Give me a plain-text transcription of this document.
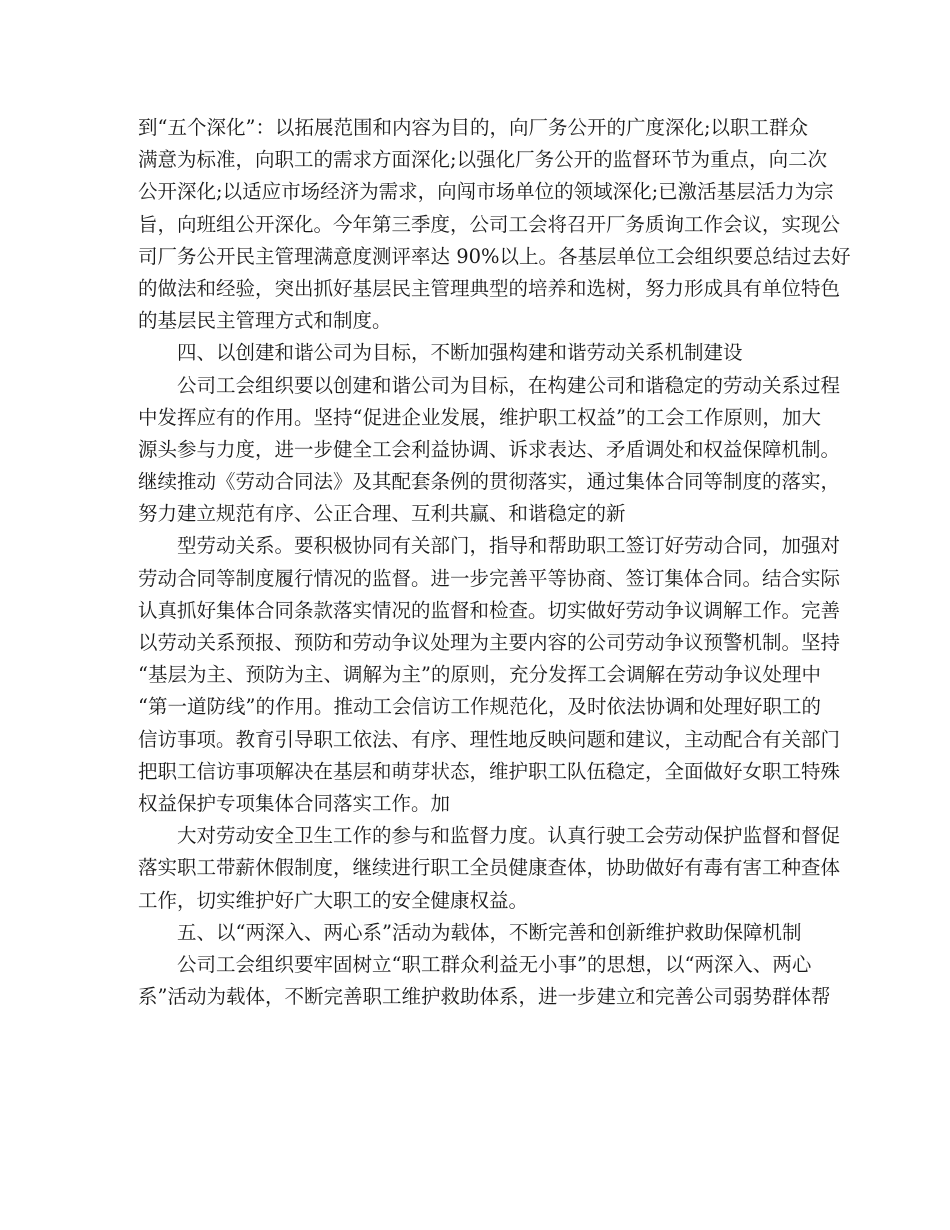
到“五个深化”：以拓展范围和内容为目的，向厂务公开的广度深化;以职工群众
满意为标准，向职工的需求方面深化;以强化厂务公开的监督环节为重点，向二次
公开深化;以适应市场经济为需求，向闯市场单位的领域深化;已激活基层活力为宗
旨，向班组公开深化。今年第三季度，公司工会将召开厂务质询工作会议，实现公
司厂务公开民主管理满意度测评率达 90%以上。各基层单位工会组织要总结过去好
的做法和经验，突出抓好基层民主管理典型的培养和选树，努力形成具有单位特色
的基层民主管理方式和制度。
四、以创建和谐公司为目标，不断加强构建和谐劳动关系机制建设
公司工会组织要以创建和谐公司为目标，在构建公司和谐稳定的劳动关系过程
中发挥应有的作用。坚持“促进企业发展，维护职工权益”的工会工作原则，加大
源头参与力度，进一步健全工会利益协调、诉求表达、矛盾调处和权益保障机制。
继续推动《劳动合同法》及其配套条例的贯彻落实，通过集体合同等制度的落实，
努力建立规范有序、公正合理、互利共赢、和谐稳定的新
型劳动关系。要积极协同有关部门，指导和帮助职工签订好劳动合同，加强对
劳动合同等制度履行情况的监督。进一步完善平等协商、签订集体合同。结合实际
认真抓好集体合同条款落实情况的监督和检查。切实做好劳动争议调解工作。完善
以劳动关系预报、预防和劳动争议处理为主要内容的公司劳动争议预警机制。坚持
“基层为主、预防为主、调解为主”的原则，充分发挥工会调解在劳动争议处理中
“第一道防线”的作用。推动工会信访工作规范化，及时依法协调和处理好职工的
信访事项。教育引导职工依法、有序、理性地反映问题和建议，主动配合有关部门
把职工信访事项解决在基层和萌芽状态，维护职工队伍稳定，全面做好女职工特殊
权益保护专项集体合同落实工作。加
大对劳动安全卫生工作的参与和监督力度。认真行驶工会劳动保护监督和督促
落实职工带薪休假制度，继续进行职工全员健康查体，协助做好有毒有害工种查体
工作，切实维护好广大职工的安全健康权益。
五、以“两深入、两心系”活动为载体，不断完善和创新维护救助保障机制
公司工会组织要牢固树立“职工群众利益无小事”的思想，以“两深入、两心
系”活动为载体，不断完善职工维护救助体系，进一步建立和完善公司弱势群体帮
